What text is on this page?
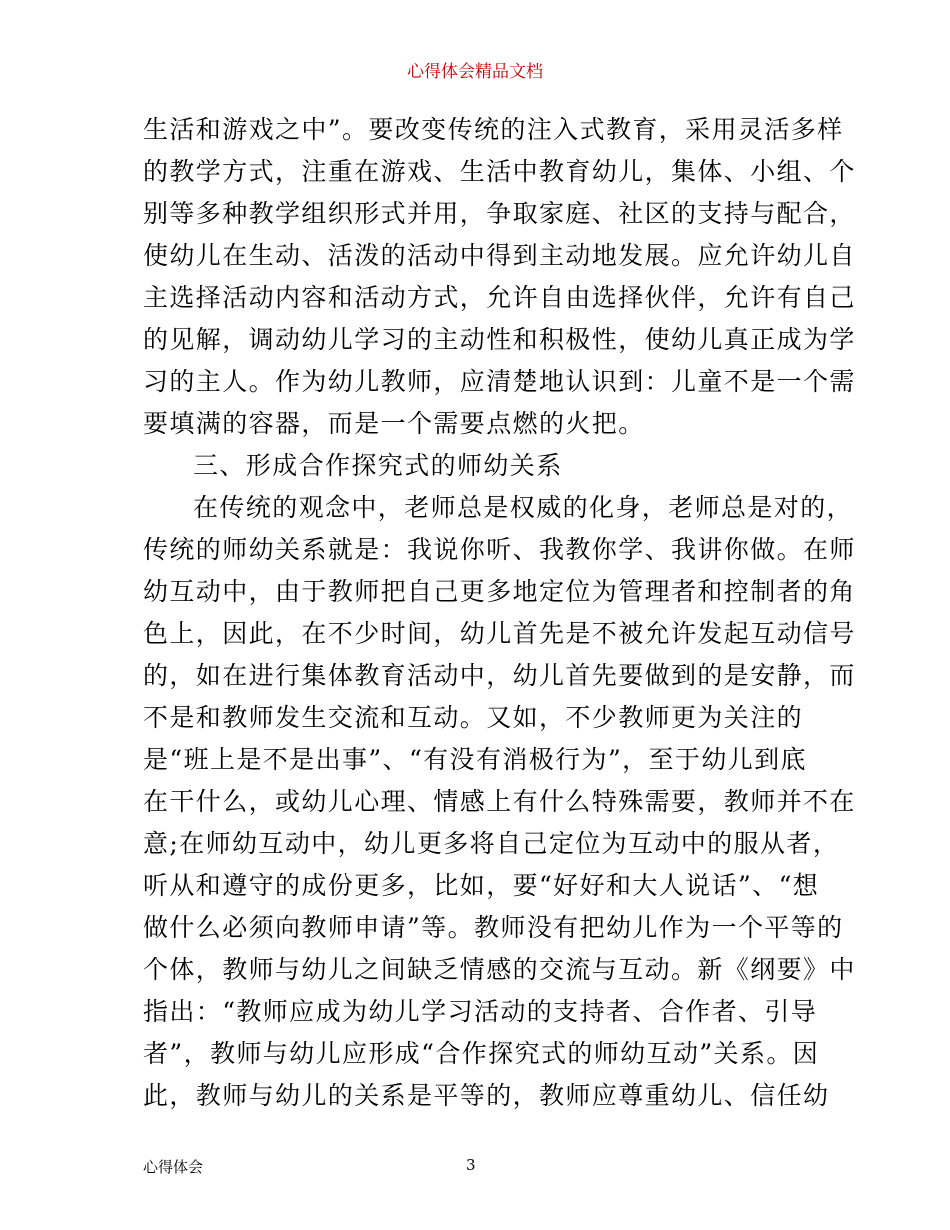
心得体会精品文档
生活和游戏之中”。要改变传统的注入式教育，采用灵活多样
的教学方式，注重在游戏、生活中教育幼儿，集体、小组、个
别等多种教学组织形式并用，争取家庭、社区的支持与配合，
使幼儿在生动、活泼的活动中得到主动地发展。应允许幼儿自
主选择活动内容和活动方式，允许自由选择伙伴，允许有自己
的见解，调动幼儿学习的主动性和积极性，使幼儿真正成为学
习的主人。作为幼儿教师，应清楚地认识到：儿童不是一个需
要填满的容器，而是一个需要点燃的火把。
三、形成合作探究式的师幼关系
在传统的观念中，老师总是权威的化身，老师总是对的，
传统的师幼关系就是：我说你听、我教你学、我讲你做。在师
幼互动中，由于教师把自己更多地定位为管理者和控制者的角
色上，因此，在不少时间，幼儿首先是不被允许发起互动信号
的，如在进行集体教育活动中，幼儿首先要做到的是安静，而
不是和教师发生交流和互动。又如，不少教师更为关注的
是“班上是不是出事”、“有没有消极行为”，至于幼儿到底
在干什么，或幼儿心理、情感上有什么特殊需要，教师并不在
意;在师幼互动中，幼儿更多将自己定位为互动中的服从者，
听从和遵守的成份更多，比如，要“好好和大人说话”、“想
做什么必须向教师申请”等。教师没有把幼儿作为一个平等的
个体，教师与幼儿之间缺乏情感的交流与互动。新《纲要》中
指出：“教师应成为幼儿学习活动的支持者、合作者、引导
者”，教师与幼儿应形成“合作探究式的师幼互动”关系。因
此，教师与幼儿的关系是平等的，教师应尊重幼儿、信任幼
心得体会	3
